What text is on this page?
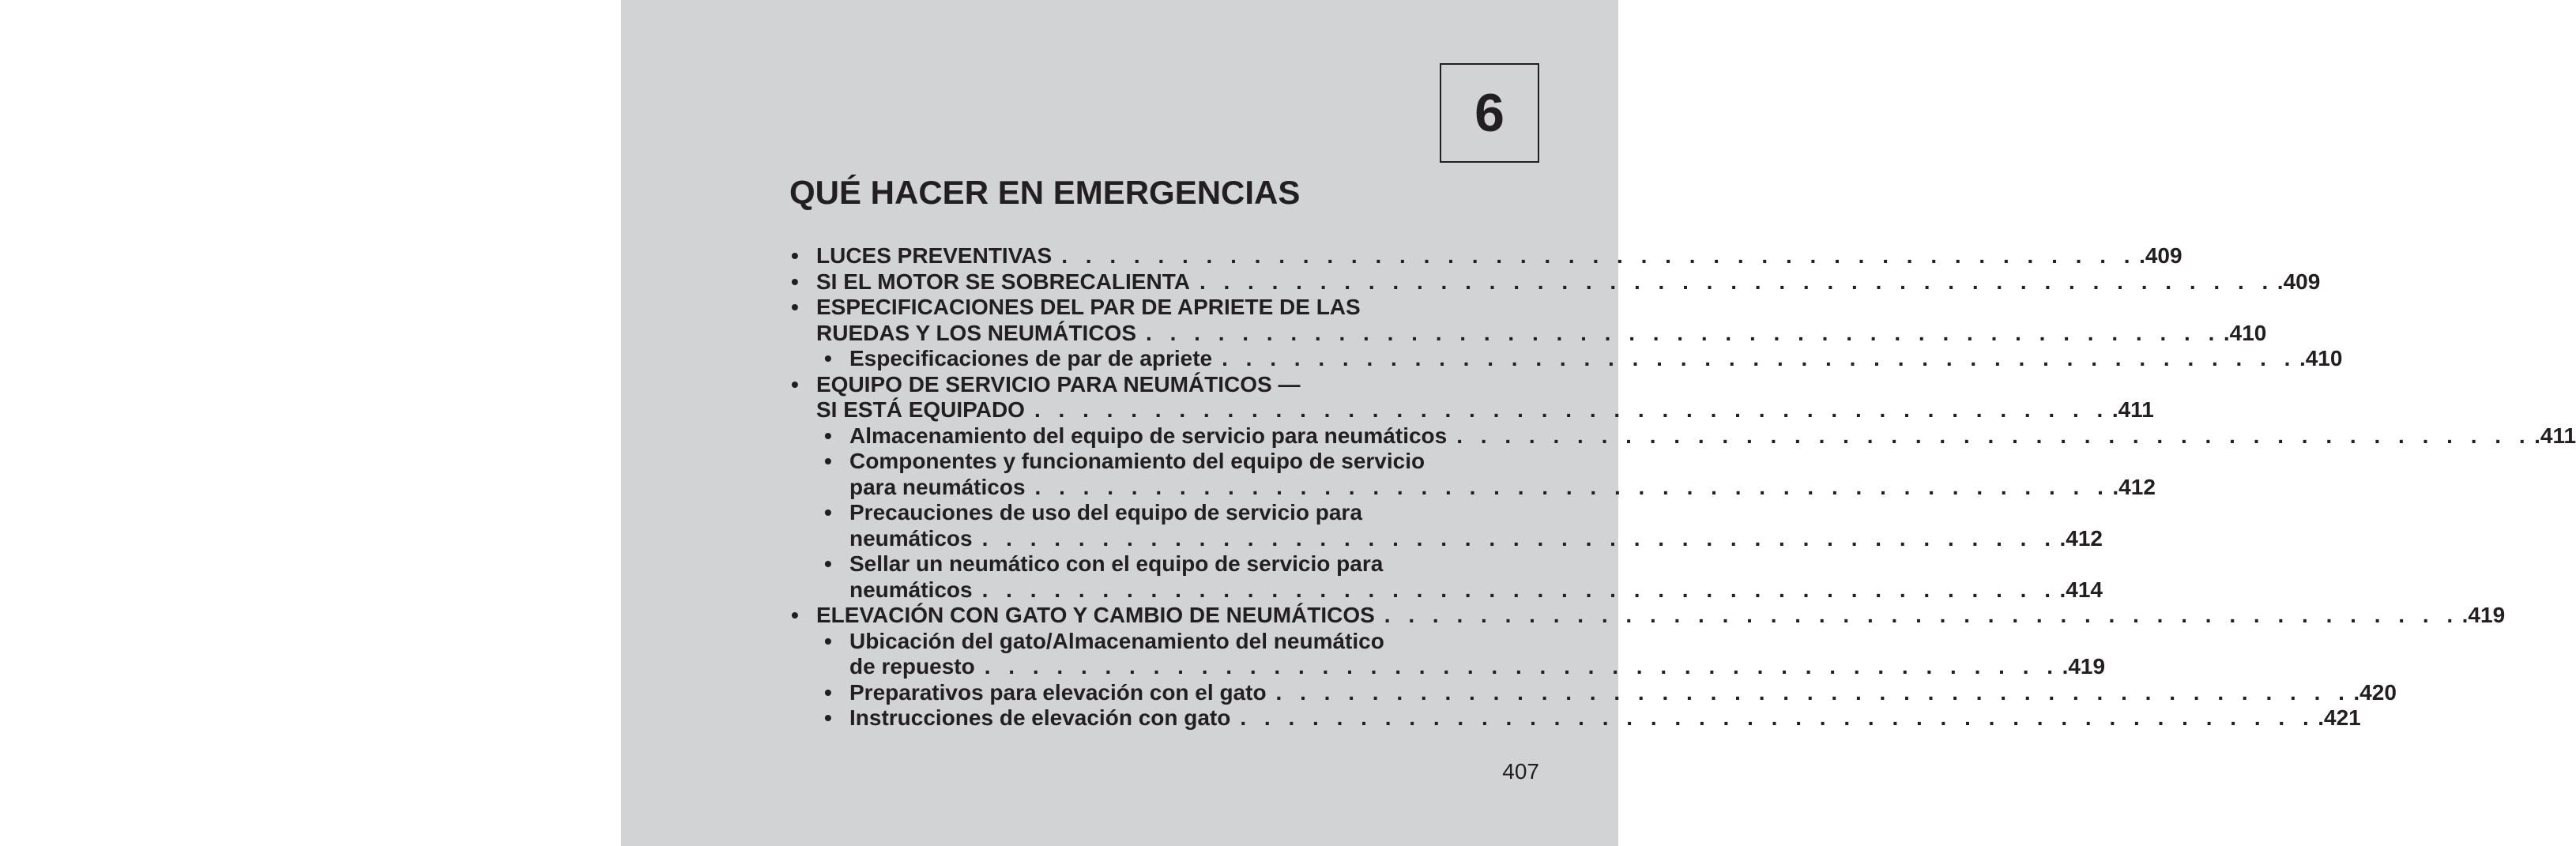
6
QUÉ HACER EN EMERGENCIAS
• LUCES PREVENTIVAS . . . . . . . . . . . . . . . . . . . . . . . . . . . . . . . . . . . . . . . . . . . . . .409
• SI EL MOTOR SE SOBRECALIENTA . . . . . . . . . . . . . . . . . . . . . . . . . . . . . . . . . . . . . . . . . . . . . .409
• ESPECIFICACIONES DEL PAR DE APRIETE DE LAS
RUEDAS Y LOS NEUMÁTICOS . . . . . . . . . . . . . . . . . . . . . . . . . . . . . . . . . . . . . . . . . . . . . .410
• Especificaciones de par de apriete . . . . . . . . . . . . . . . . . . . . . . . . . . . . . . . . . . . . . . . . . . . . . .410
• EQUIPO DE SERVICIO PARA NEUMÁTICOS —
SI ESTÁ EQUIPADO . . . . . . . . . . . . . . . . . . . . . . . . . . . . . . . . . . . . . . . . . . . . . .411
• Almacenamiento del equipo de servicio para neumáticos . . . . . . . . . . . . . . . . . . . . . . . . . . . . . . . . . . . . . . . . . . . . . .411
• Componentes y funcionamiento del equipo de servicio
para neumáticos . . . . . . . . . . . . . . . . . . . . . . . . . . . . . . . . . . . . . . . . . . . . . .412
• Precauciones de uso del equipo de servicio para
neumáticos . . . . . . . . . . . . . . . . . . . . . . . . . . . . . . . . . . . . . . . . . . . . . .412
• Sellar un neumático con el equipo de servicio para
neumáticos . . . . . . . . . . . . . . . . . . . . . . . . . . . . . . . . . . . . . . . . . . . . . .414
• ELEVACIÓN CON GATO Y CAMBIO DE NEUMÁTICOS . . . . . . . . . . . . . . . . . . . . . . . . . . . . . . . . . . . . . . . . . . . . . .419
• Ubicación del gato/Almacenamiento del neumático
de repuesto . . . . . . . . . . . . . . . . . . . . . . . . . . . . . . . . . . . . . . . . . . . . . .419
• Preparativos para elevación con el gato . . . . . . . . . . . . . . . . . . . . . . . . . . . . . . . . . . . . . . . . . . . . . .420
• Instrucciones de elevación con gato . . . . . . . . . . . . . . . . . . . . . . . . . . . . . . . . . . . . . . . . . . . . . .421
407
